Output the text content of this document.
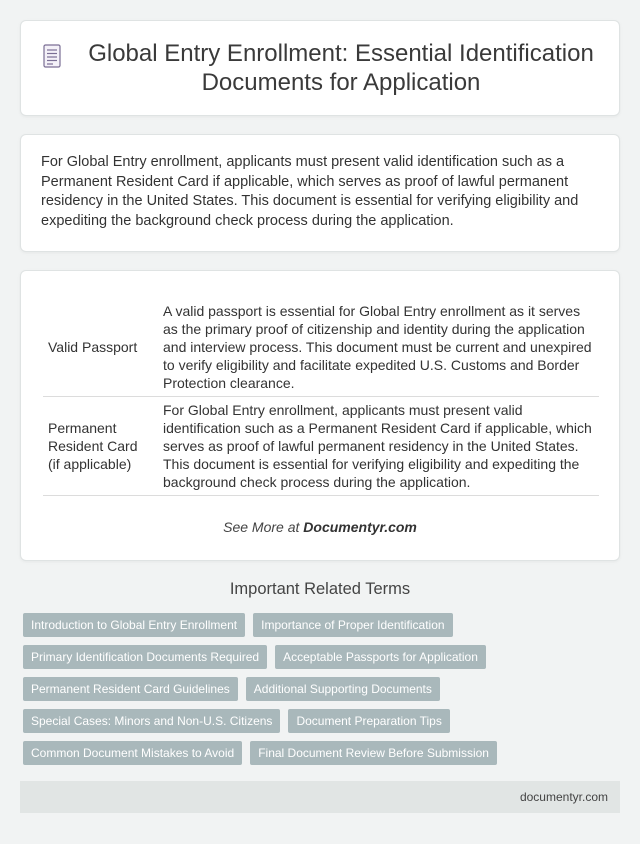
Global Entry Enrollment: Essential Identification Documents for Application

For Global Entry enrollment, applicants must present valid identification such as a Permanent Resident Card if applicable, which serves as proof of lawful permanent residency in the United States. This document is essential for verifying eligibility and expediting the background check process during the application.

Valid Passport	A valid passport is essential for Global Entry enrollment as it serves as the primary proof of citizenship and identity during the application and interview process. This document must be current and unexpired to verify eligibility and facilitate expedited U.S. Customs and Border Protection clearance.
Permanent Resident Card (if applicable)	For Global Entry enrollment, applicants must present valid identification such as a Permanent Resident Card if applicable, which serves as proof of lawful permanent residency in the United States. This document is essential for verifying eligibility and expediting the background check process during the application.
See More at Documentyr.com
Important Related Terms
Introduction to Global Entry Enrollment	Importance of Proper Identification
Primary Identification Documents Required	Acceptable Passports for Application
Permanent Resident Card Guidelines	Additional Supporting Documents
Special Cases: Minors and Non-U.S. Citizens	Document Preparation Tips
Common Document Mistakes to Avoid	Final Document Review Before Submission
documentyr.com
